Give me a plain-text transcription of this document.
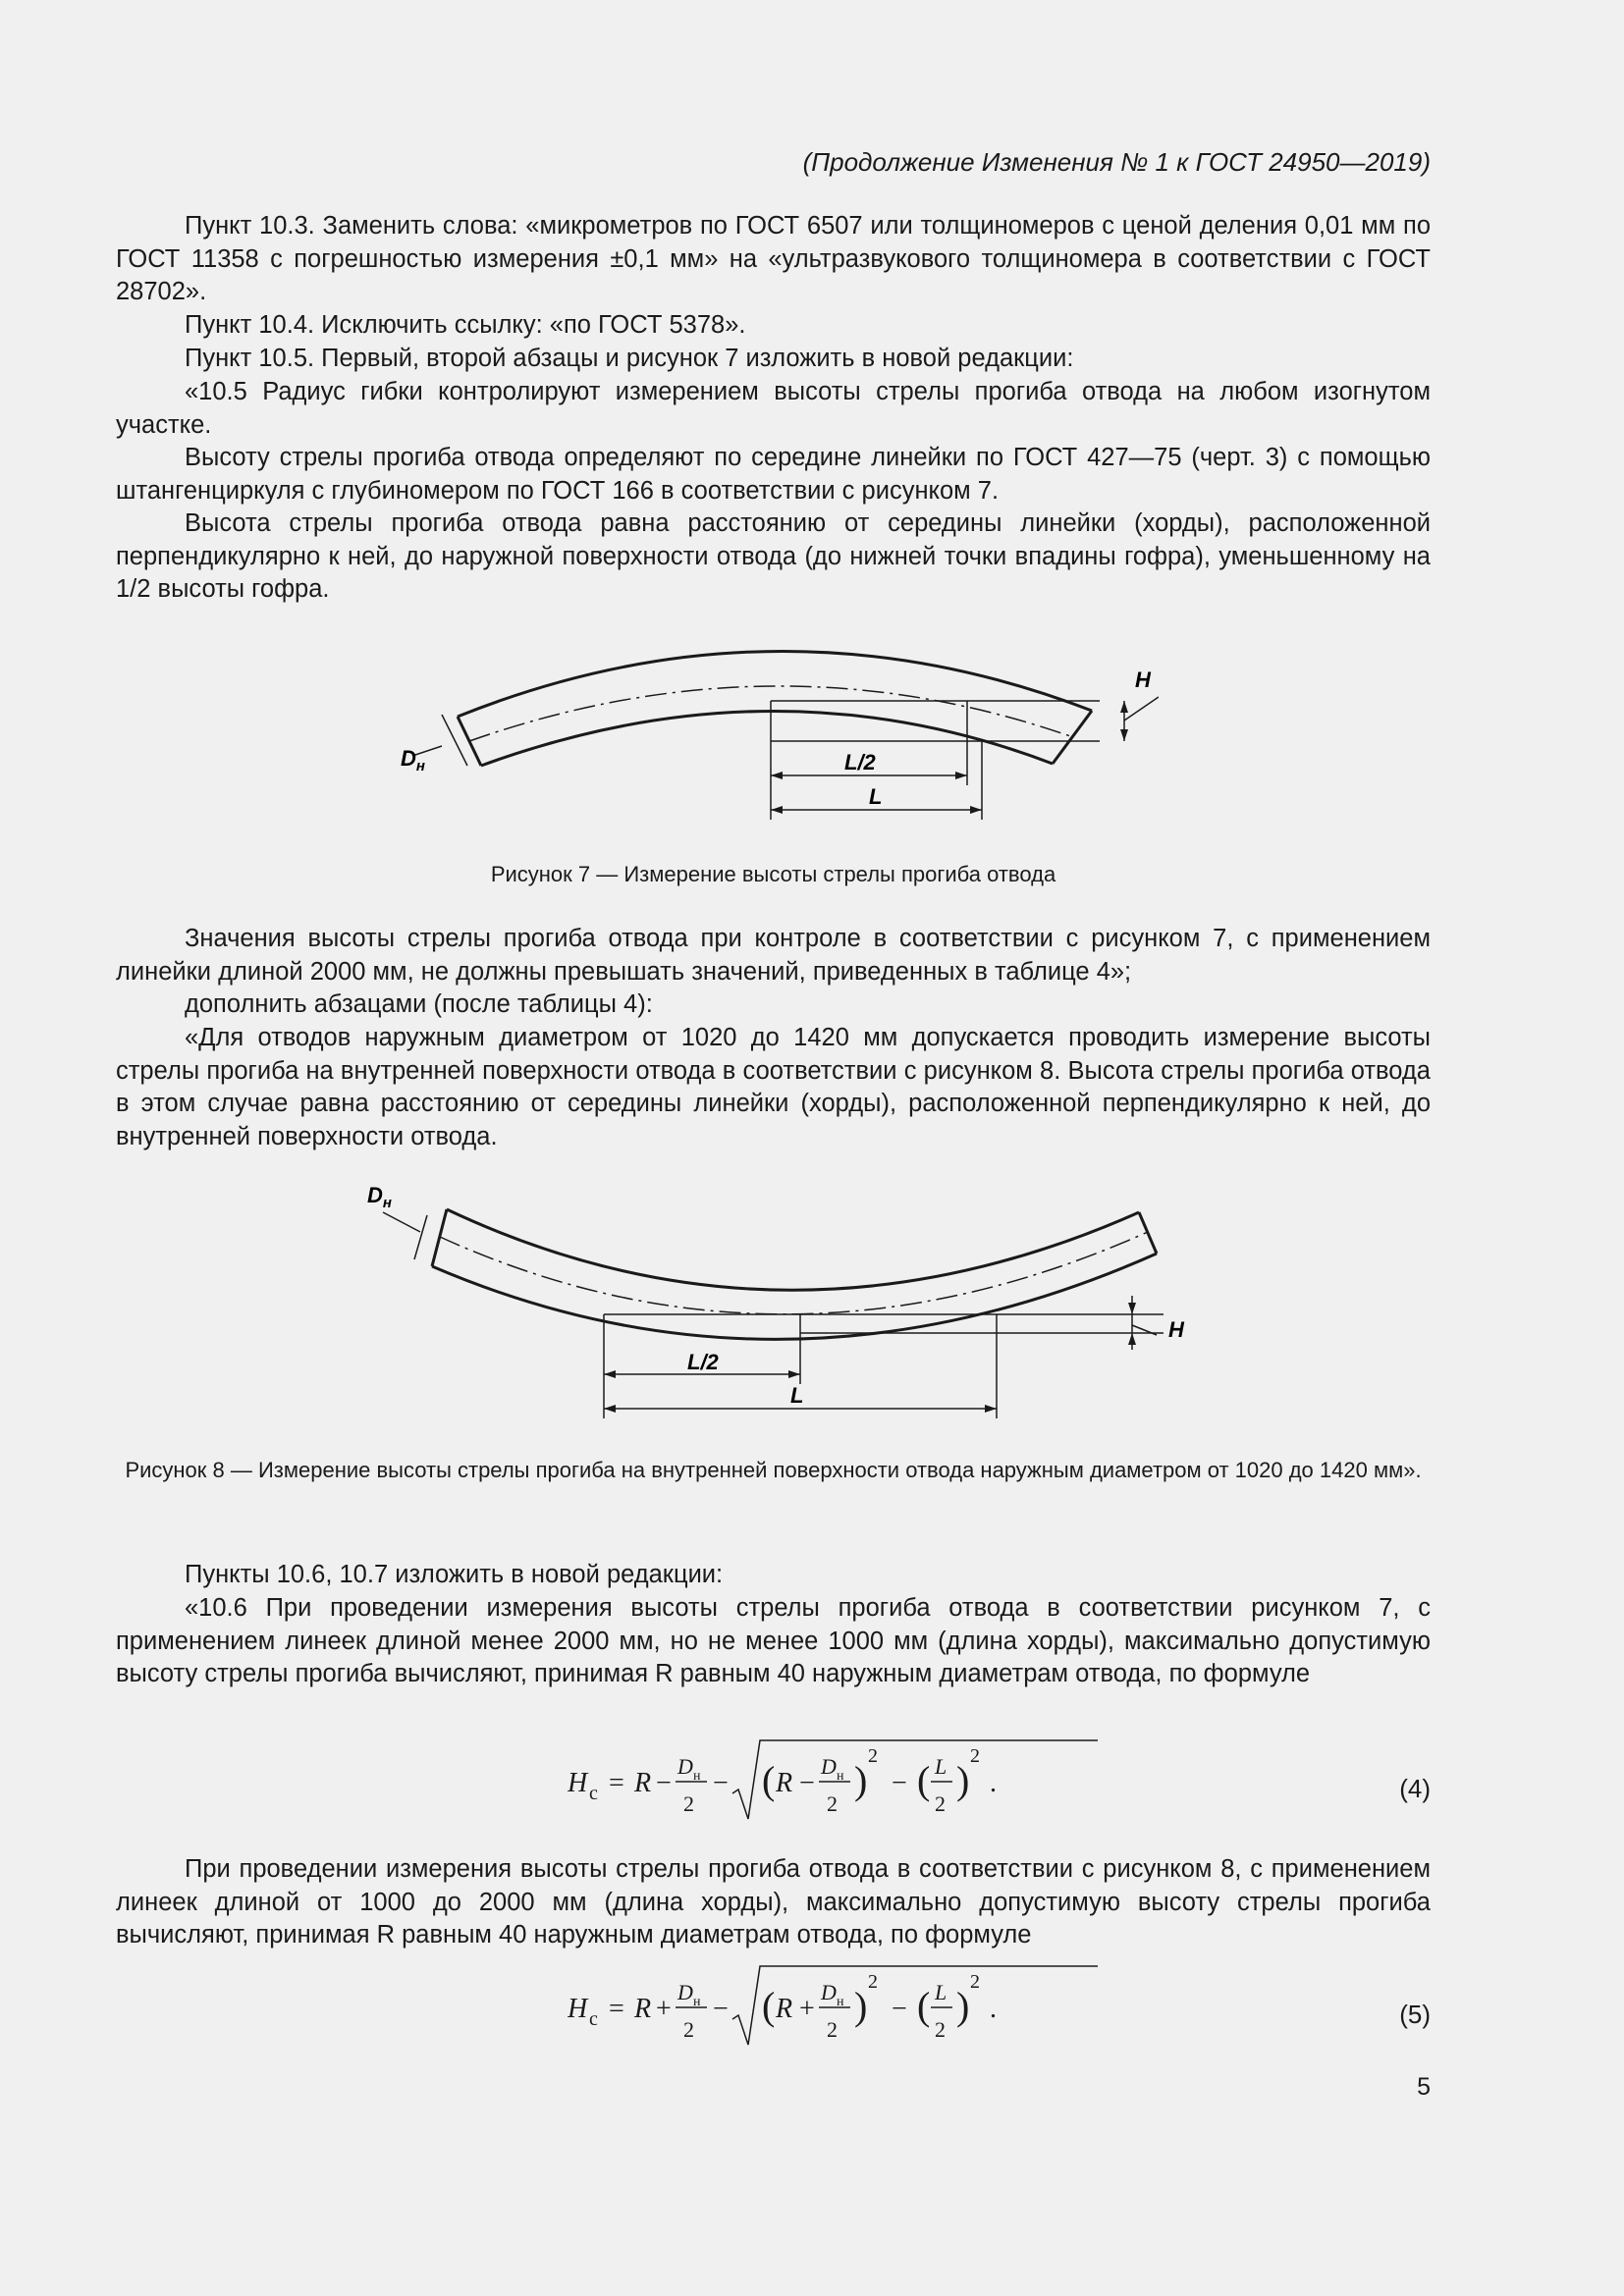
(Продолжение Изменения № 1 к ГОСТ 24950—2019)

Пункт 10.3. Заменить слова: «микрометров по ГОСТ 6507 или толщиномеров с ценой деления 0,01 мм по ГОСТ 11358 с погрешностью измерения ±0,1 мм» на «ультразвукового толщиномера в соответствии с ГОСТ 28702».

Пункт 10.4. Исключить ссылку: «по ГОСТ 5378».

Пункт 10.5. Первый, второй абзацы и рисунок 7 изложить в новой редакции:

«10.5 Радиус гибки контролируют измерением высоты стрелы прогиба отвода на любом изогнутом участке.

Высоту стрелы прогиба отвода определяют по середине линейки по ГОСТ 427—75 (черт. 3) с помощью штангенциркуля с глубиномером по ГОСТ 166 в соответствии с рисунком 7.

Высота стрелы прогиба отвода равна расстоянию от середины линейки (хорды), расположенной перпендикулярно к ней, до наружной поверхности отвода (до нижней точки впадины гофра), уменьшенному на 1/2 высоты гофра.

$D_н$
H
L/2
L

Рисунок 7 — Измерение высоты стрелы прогиба отвода

Значения высоты стрелы прогиба отвода при контроле в соответствии с рисунком 7, с применением линейки длиной 2000 мм, не должны превышать значений, приведенных в таблице 4»;

дополнить абзацами (после таблицы 4):

«Для отводов наружным диаметром от 1020 до 1420 мм допускается проводить измерение высоты стрелы прогиба на внутренней поверхности отвода в соответствии с рисунком 8. Высота стрелы прогиба отвода в этом случае равна расстоянию от середины линейки (хорды), расположенной перпендикулярно к ней, до внутренней поверхности отвода.

$D_н$
H
L/2
L

Рисунок 8 — Измерение высоты стрелы прогиба на внутренней поверхности отвода наружным диаметром от 1020 до 1420 мм».

Пункты 10.6, 10.7 изложить в новой редакции:

«10.6 При проведении измерения высоты стрелы прогиба отвода в соответствии рисунком 7, с применением линеек длиной менее 2000 мм, но не менее 1000 мм (длина хорды), максимально допустимую высоту стрелы прогиба вычисляют, принимая R равным 40 наружным диаметрам отвода, по формуле

H c = R −
D н
2
− ( R −
D н
2
)
2
− ( L
2
)
2
.	(4)

При проведении измерения высоты стрелы прогиба отвода в соответствии с рисунком 8, с применением линеек длиной от 1000 до 2000 мм (длина хорды), максимально допустимую высоту стрелы прогиба вычисляют, принимая R равным 40 наружным диаметрам отвода, по формуле

H c = R +
D н
2
− ( R +
D н
2
)
2
− ( L
2
)
2
.	(5)
5
